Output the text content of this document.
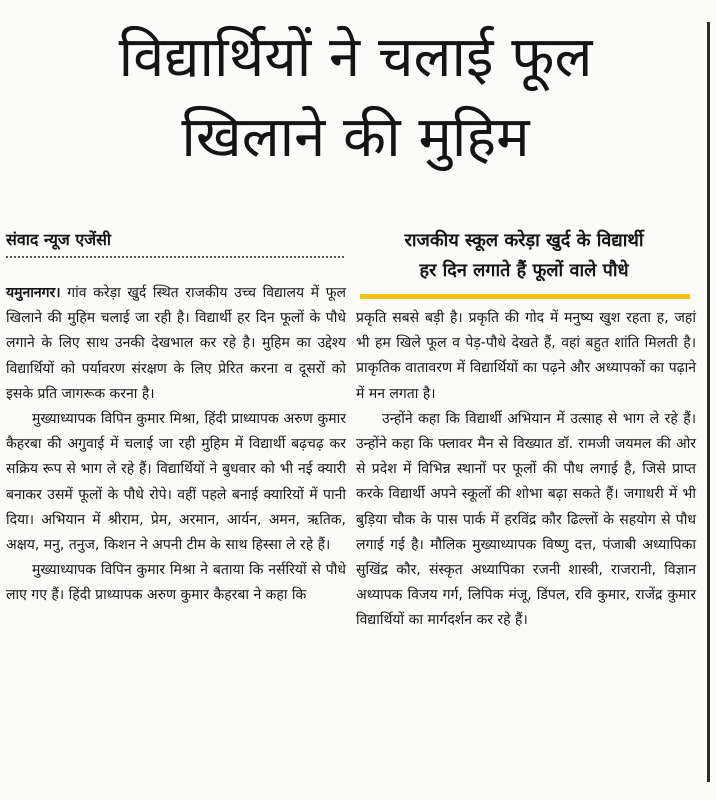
विद्यार्थियों ने चलाई फूल
खिलाने की मुहिम
संवाद न्यूज एजेंसी	राजकीय स्कूल करेड़ा खुर्द के विद्यार्थी
हर दिन लगाते हैं फूलों वाले पौधे

यमुनानगर। गांव करेड़ा खुर्द स्थित राजकीय उच्च विद्यालय में फूल खिलाने की मुहिम चलाई जा रही है। विद्यार्थी हर दिन फूलों के पौधे लगाने के लिए साथ उनकी देखभाल कर रहे है। मुहिम का उद्देश्य विद्यार्थियों को पर्यावरण संरक्षण के लिए प्रेरित करना व दूसरों को इसके प्रति जागरूक करना है।

मुख्याध्यापक विपिन कुमार मिश्रा, हिंदी प्राध्यापक अरुण कुमार कैहरबा की अगुवाई में चलाई जा रही मुहिम में विद्यार्थी बढ़चढ़ कर सक्रिय रूप से भाग ले रहे हैं। विद्यार्थियों ने बुधवार को भी नई क्यारी बनाकर उसमें फूलों के पौधे रोपे। वहीं पहले बनाई क्यारियों में पानी दिया। अभियान में श्रीराम, प्रेम, अरमान, आर्यन, अमन, ऋतिक, अक्षय, मनु, तनुज, किशन ने अपनी टीम के साथ हिस्सा ले रहे हैं।

मुख्याध्यापक विपिन कुमार मिश्रा ने बताया कि नर्सरियों से पौधे लाए गए हैं। हिंदी प्राध्यापक अरुण कुमार कैहरबा ने कहा कि

प्रकृति सबसे बड़ी है। प्रकृति की गोद में मनुष्य खुश रहता ह, जहां भी हम खिले फूल व पेड़-पौधे देखते हैं, वहां बहुत शांति मिलती है। प्राकृतिक वातावरण में विद्यार्थियों का पढ़ने और अध्यापकों का पढ़ाने में मन लगता है।

उन्होंने कहा कि विद्यार्थी अभियान में उत्साह से भाग ले रहे हैं। उन्होंने कहा कि फ्लावर मैन से विख्यात डॉ. रामजी जयमल की ओर से प्रदेश में विभिन्न स्थानों पर फूलों की पौध लगाई है, जिसे प्राप्त करके विद्यार्थी अपने स्कूलों की शोभा बढ़ा सकते हैं। जगाधरी में भी बुड़िया चौक के पास पार्क में हरविंद्र कौर ढिल्लों के सहयोग से पौध लगाई गई है। मौलिक मुख्याध्यापक विष्णु दत्त, पंजाबी अध्यापिका सुखिंद्र कौर, संस्कृत अध्यापिका रजनी शास्त्री, राजरानी, विज्ञान अध्यापक विजय गर्ग, लिपिक मंजू, डिंपल, रवि कुमार, राजेंद्र कुमार विद्यार्थियों का मार्गदर्शन कर रहे हैं।
